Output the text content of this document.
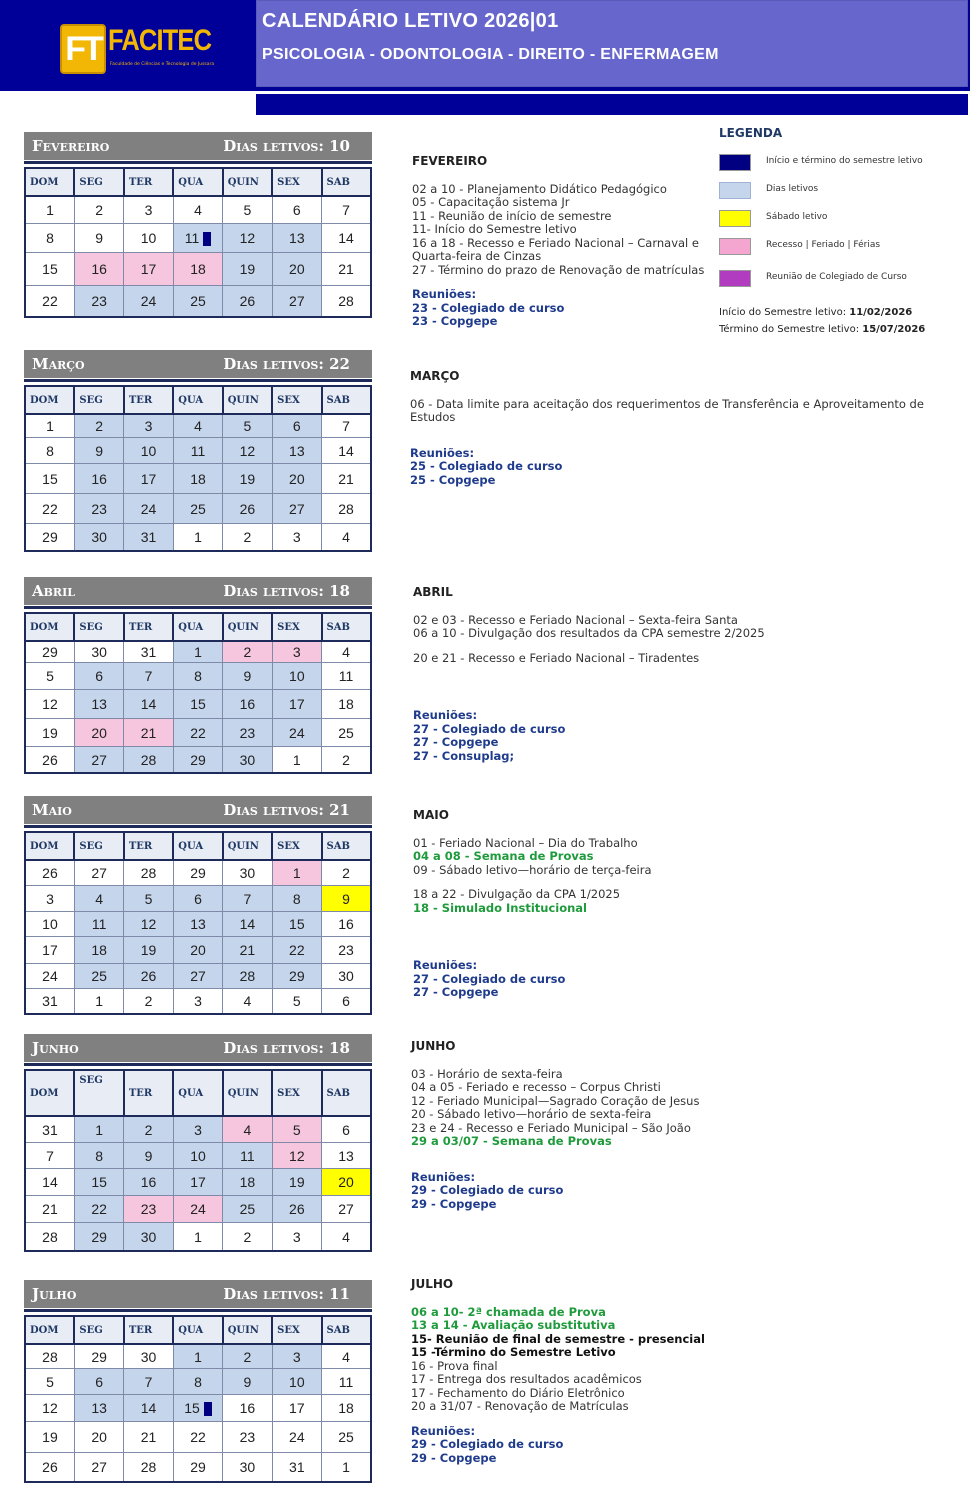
FT FACITEC
Faculdade de Ciências e Tecnologia de Jussara
CALENDÁRIO LETIVO 2026|01
PSICOLOGIA - ODONTOLOGIA - DIREITO - ENFERMAGEM
Fevereiro	Dias letivos: 10
DOM	SEG	TER	QUA	QUIN	SEX	SAB
1	2	3	4	5	6	7
8	9	10	11	12	13	14
15	16	17	18	19	20	21
22	23	24	25	26	27	28
Março	Dias letivos: 22
DOM	SEG	TER	QUA	QUIN	SEX	SAB
1	2	3	4	5	6	7
8	9	10	11	12	13	14
15	16	17	18	19	20	21
22	23	24	25	26	27	28
29	30	31	1	2	3	4
Abril	Dias letivos: 18
DOM	SEG	TER	QUA	QUIN	SEX	SAB
29	30	31	1	2	3	4
5	6	7	8	9	10	11
12	13	14	15	16	17	18
19	20	21	22	23	24	25
26	27	28	29	30	1	2
Maio	Dias letivos: 21
DOM	SEG	TER	QUA	QUIN	SEX	SAB
26	27	28	29	30	1	2
3	4	5	6	7	8	9
10	11	12	13	14	15	16
17	18	19	20	21	22	23
24	25	26	27	28	29	30
31	1	2	3	4	5	6
Junho	Dias letivos: 18
DOM	SEG	TER	QUA	QUIN	SEX	SAB
31	1	2	3	4	5	6
7	8	9	10	11	12	13
14	15	16	17	18	19	20
21	22	23	24	25	26	27
28	29	30	1	2	3	4
Julho	Dias letivos: 11
DOM	SEG	TER	QUA	QUIN	SEX	SAB
28	29	30	1	2	3	4
5	6	7	8	9	10	11
12	13	14	15	16	17	18
19	20	21	22	23	24	25
26	27	28	29	30	31	1
FEVEREIRO
02 a 10 - Planejamento Didático Pedagógico
05 - Capacitação sistema Jr
11 - Reunião de início de semestre
11- Início do Semestre letivo
16 a 18 - Recesso e Feriado Nacional – Carnaval e
Quarta-feira de Cinzas
27 - Término do prazo de Renovação de matrículas

Reuniões:
23 - Colegiado de curso
23 - Copgepe
MARÇO
06 - Data limite para aceitação dos requerimentos de Transferência e Aproveitamento de
Estudos

Reuniões:
25 - Colegiado de curso
25 - Copgepe
ABRIL
02 e 03 - Recesso e Feriado Nacional – Sexta-feira Santa
06 a 10 - Divulgação dos resultados da CPA semestre 2/2025

20 e 21 - Recesso e Feriado Nacional – Tiradentes

Reuniões:
27 - Colegiado de curso
27 - Copgepe
27 - Consuplag;
MAIO
01 - Feriado Nacional – Dia do Trabalho
04 a 08 - Semana de Provas
09 - Sábado letivo—horário de terça-feira

18 a 22 - Divulgação da CPA 1/2025
18 - Simulado Institucional

Reuniões:
27 - Colegiado de curso
27 - Copgepe
JUNHO
03 - Horário de sexta-feira
04 a 05 - Feriado e recesso – Corpus Christi
12 - Feriado Municipal—Sagrado Coração de Jesus
20 - Sábado letivo—horário de sexta-feira
23 e 24 - Recesso e Feriado Municipal – São João
29 a 03/07 - Semana de Provas

Reuniões:
29 - Colegiado de curso
29 - Copgepe
JULHO
06 a 10- 2ª chamada de Prova
13 a 14 - Avaliação substitutiva
15- Reunião de final de semestre - presencial
15 -Término do Semestre Letivo
16 - Prova final
17 - Entrega dos resultados acadêmicos
17 - Fechamento do Diário Eletrônico
20 a 31/07 - Renovação de Matrículas

Reuniões:
29 - Colegiado de curso
29 - Copgepe
LEGENDA
Início e término do semestre letivo
Dias letivos
Sábado letivo
Recesso | Feriado | Férias
Reunião de Colegiado de Curso
Início do Semestre letivo: 11/02/2026
Término do Semestre letivo: 15/07/2026
